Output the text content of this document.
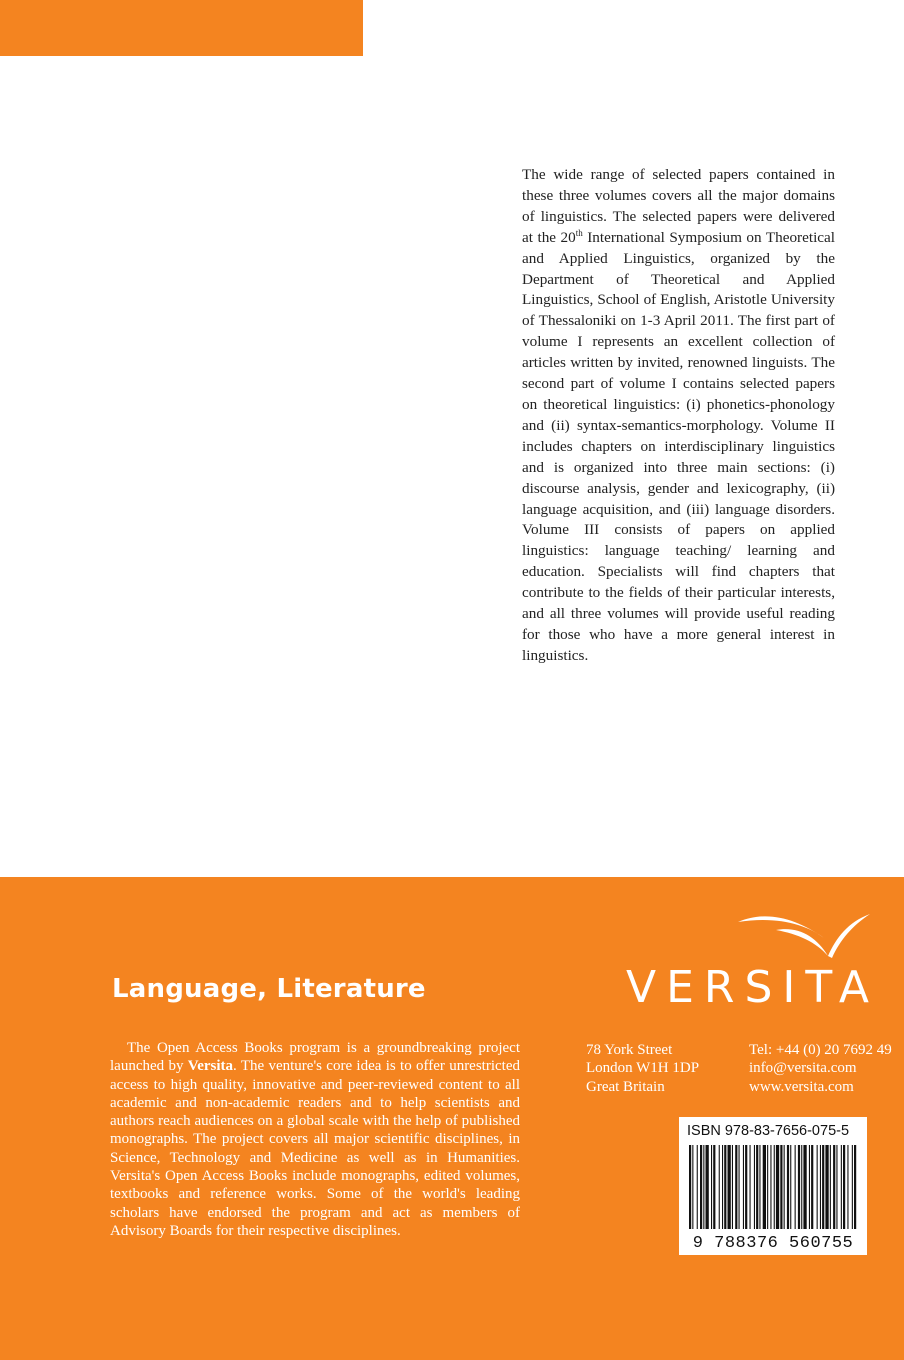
The wide range of selected papers contained in these three volumes covers all the major domains of linguistics. The selected papers were delivered at the 20th International Symposium on Theoretical and Applied Linguistics, organized by the Department of Theoretical and Applied Linguistics, School of English, Aristotle University of Thessaloniki on 1-3 April 2011. The first part of volume I represents an excellent collection of articles written by invited, renowned linguists. The second part of volume I contains selected papers on theoretical linguistics: (i) phonetics-phonology and (ii) syntax-semantics-morphology. Volume II includes chapters on interdisciplinary linguistics and is organized into three main sections: (i) discourse analysis, gender and lexicography, (ii) language acquisition, and (iii) language disorders. Volume III consists of papers on applied linguistics: language teaching/ learning and education. Specialists will find chapters that contribute to the fields of their particular interests, and all three volumes will provide useful reading for those who have a more general interest in linguistics.

Language, Literature

The Open Access Books program is a groundbreaking project launched by Versita. The venture's core idea is to offer unrestricted access to high quality, innovative and peer-reviewed content to all academic and non-academic readers and to help scientists and authors reach audiences on a global scale with the help of published monographs. The project covers all major scientific disciplines, in Science, Technology and Medicine as well as in Humanities. Versita's Open Access Books include monographs, edited volumes, textbooks and reference works. Some of the world's leading scholars have endorsed the program and act as members of Advisory Boards for their respective disciplines.

VERSITA
78 York Street
London W1H 1DP
Great Britain
Tel: +44 (0) 20 7692 49
info@versita.com
www.versita.com
ISBN 978-83-7656-075-5
9 788376 560755
